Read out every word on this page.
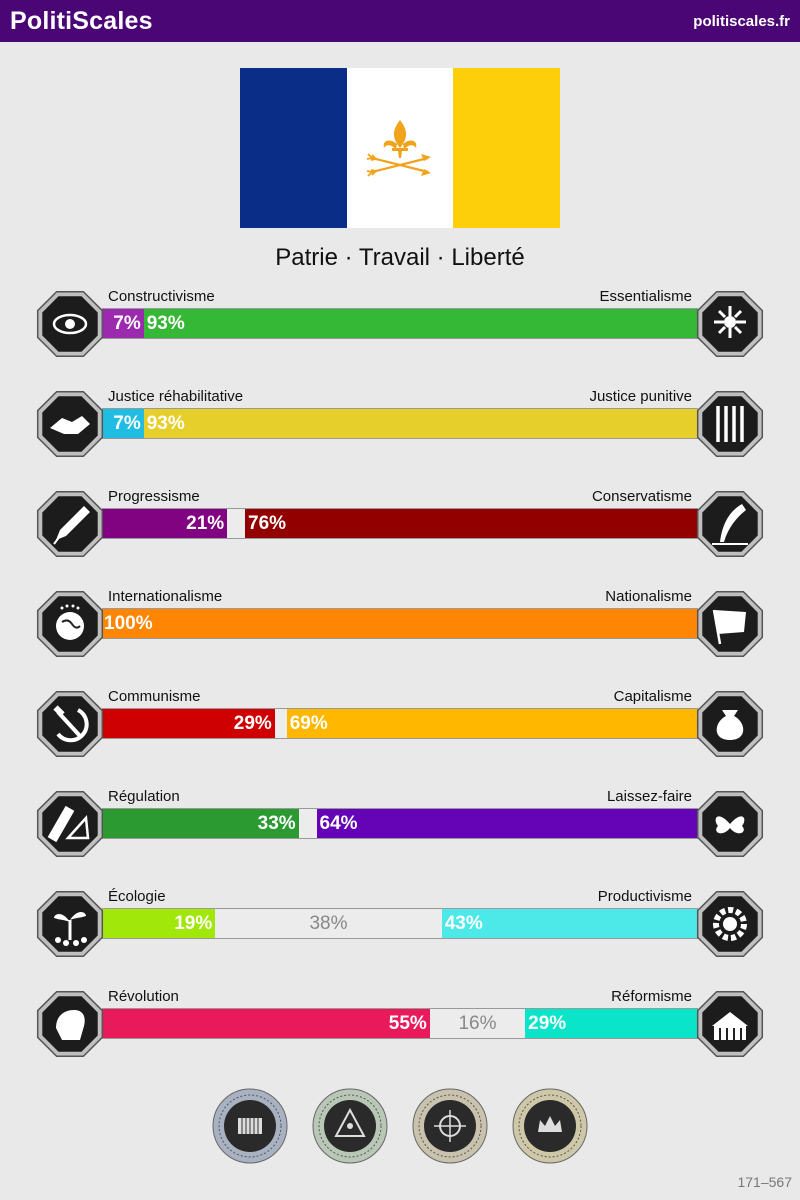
PolitiScales	politiscales.fr
Patrie · Travail · Liberté
Constructivisme	Essentialisme
7% 93%
Justice réhabilitative	Justice punitive
7% 93%
Progressisme	Conservatisme
21% 76%
Internationalisme	Nationalisme
100%
Communisme	Capitalisme
29% 69%
Régulation	Laissez-faire
33% 64%
Écologie	Productivisme
19%	38%	43%
Révolution	Réformisme
55%	16%	29%
171–567
